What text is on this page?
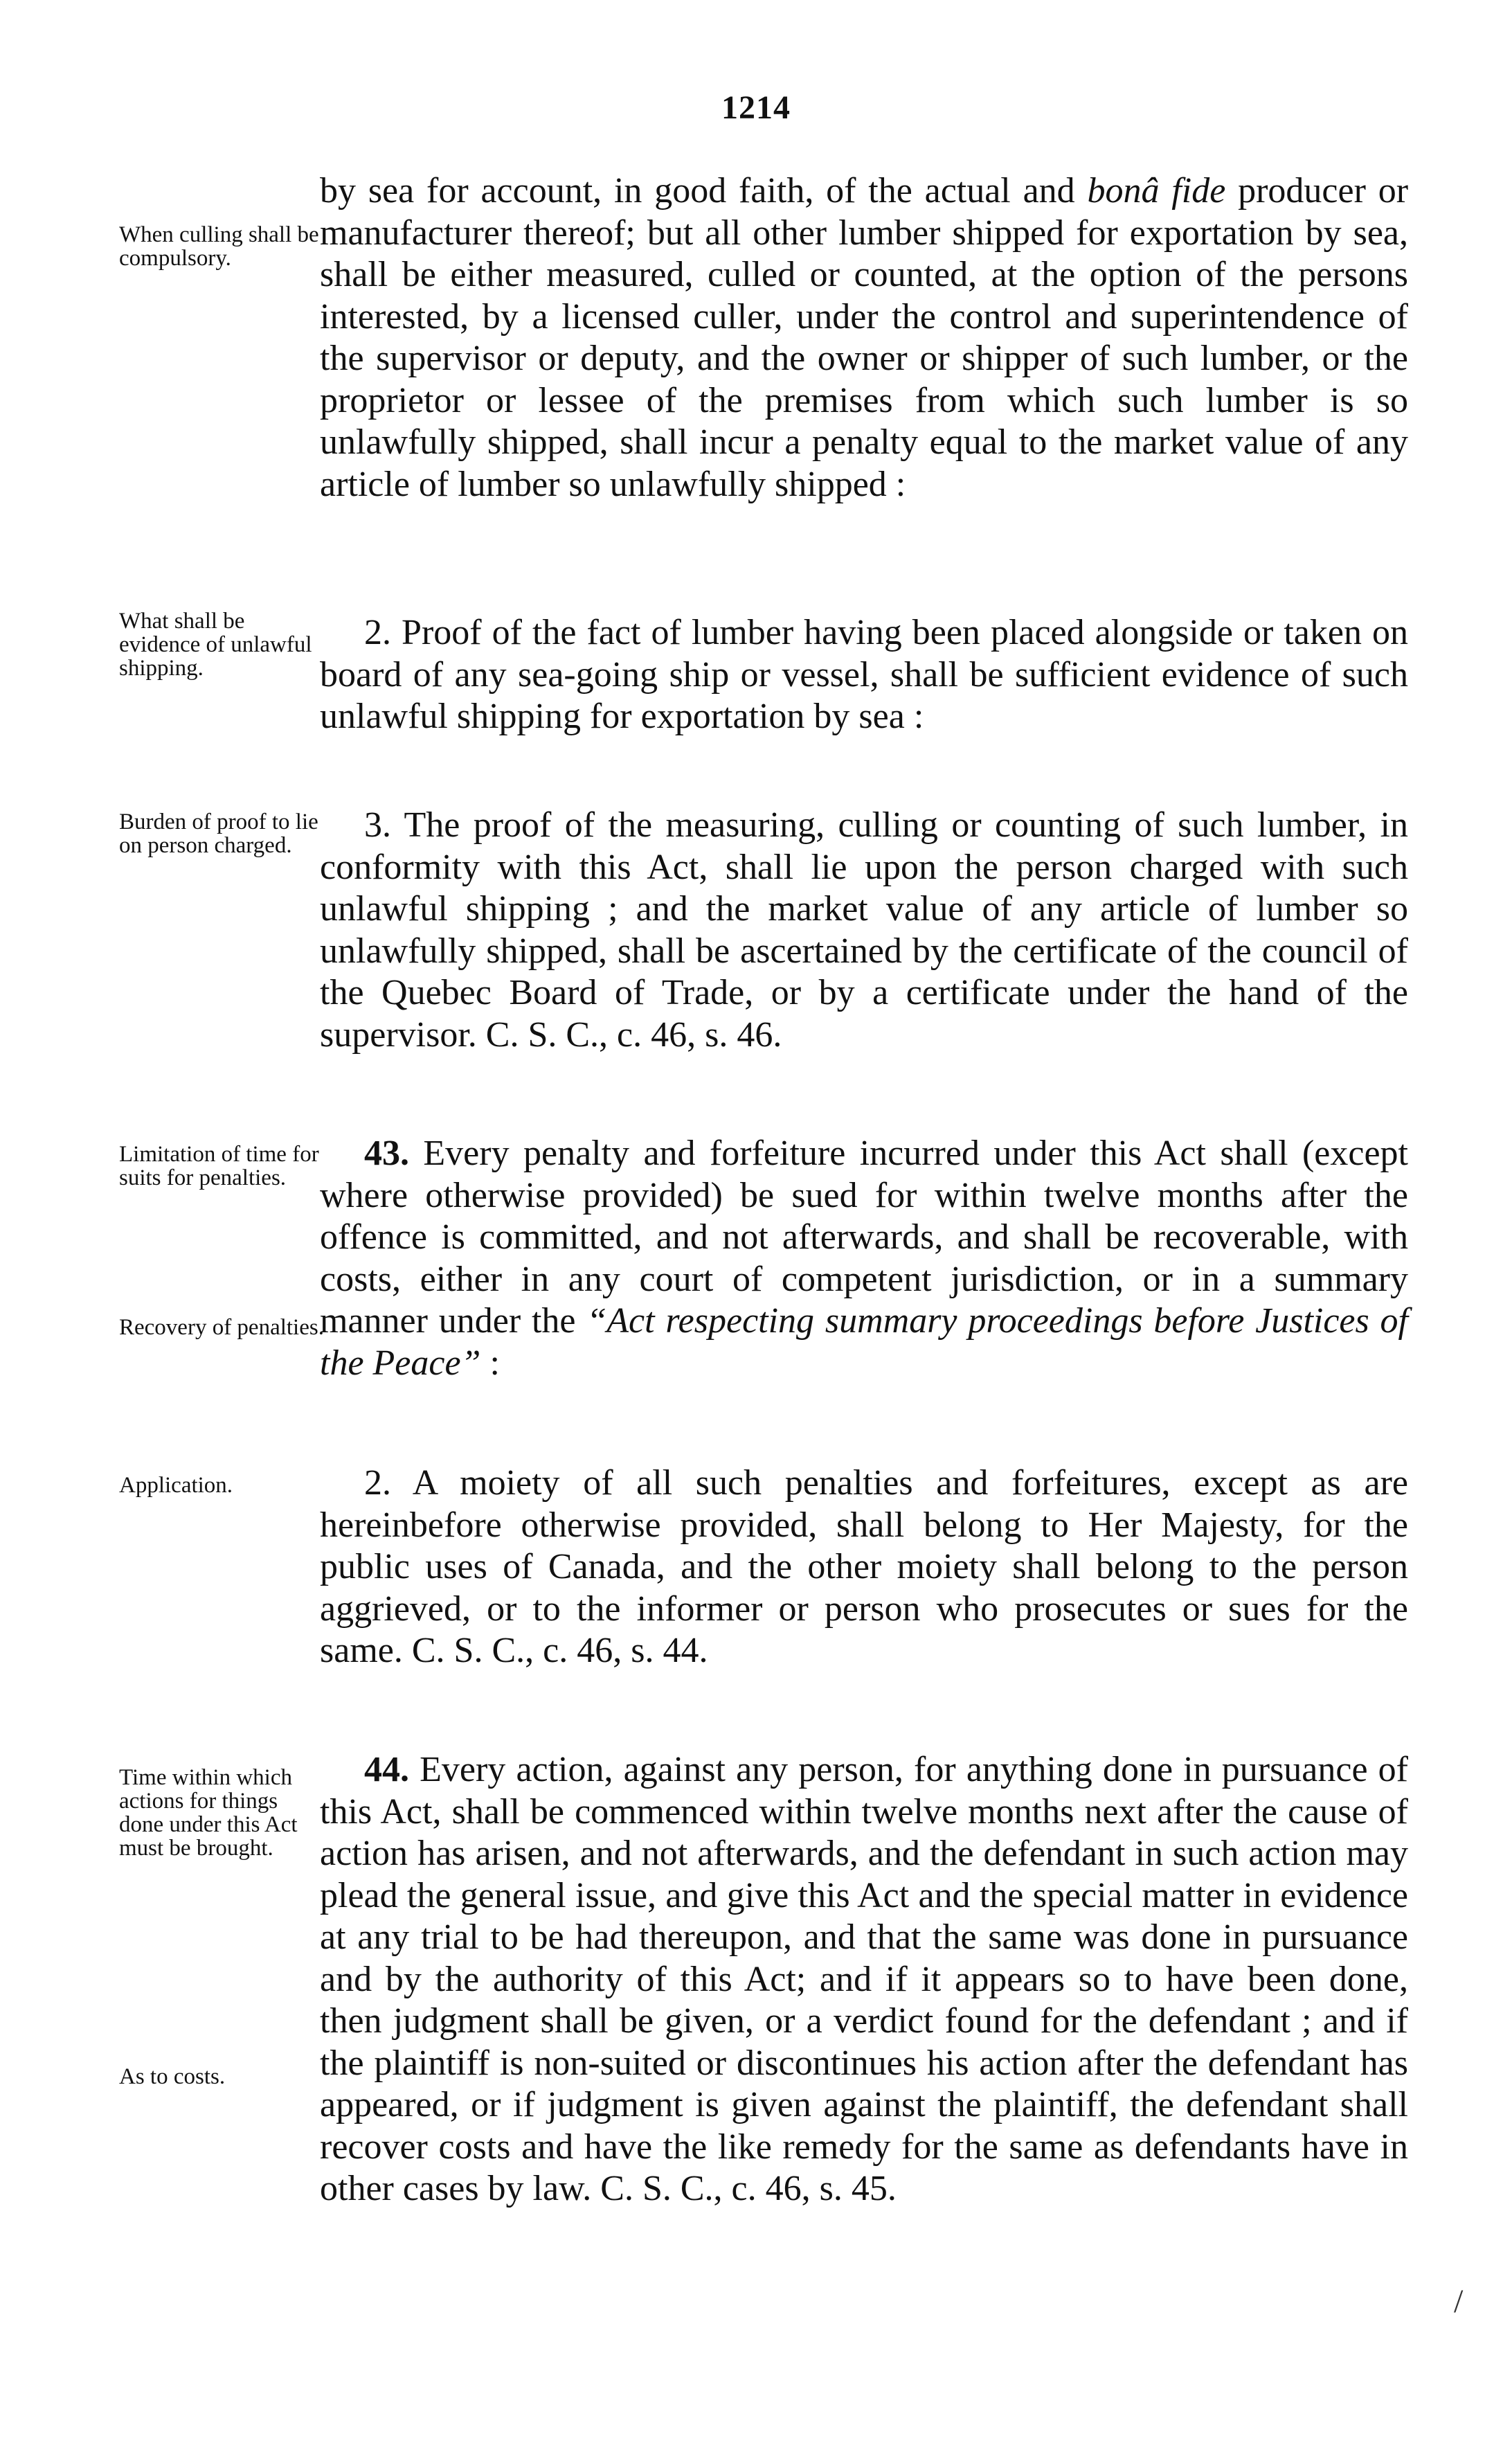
1214
When culling shall be compulsory.
What shall be evidence of unlawful shipping.
Burden of proof to lie on person charged.
Limitation of time for suits for penalties.
Recovery of penalties.
Application.
Time within which actions for things done under this Act must be brought.
As to costs.

by sea for account, in good faith, of the actual and bonâ fide producer or manufacturer thereof; but all other lumber shipped for exportation by sea, shall be either measured, culled or counted, at the option of the persons interested, by a licensed culler, under the control and superintendence of the supervisor or deputy, and the owner or shipper of such lumber, or the proprietor or lessee of the premises from which such lumber is so unlawfully shipped, shall incur a penalty equal to the market value of any article of lumber so unlawfully shipped :

2. Proof of the fact of lumber having been placed alongside or taken on board of any sea-going ship or vessel, shall be sufficient evidence of such unlawful shipping for exportation by sea :

3. The proof of the measuring, culling or counting of such lumber, in conformity with this Act, shall lie upon the person charged with such unlawful shipping ; and the market value of any article of lumber so unlawfully shipped, shall be ascertained by the certificate of the council of the Quebec Board of Trade, or by a certificate under the hand of the supervisor. C. S. C., c. 46, s. 46.

43. Every penalty and forfeiture incurred under this Act shall (except where otherwise provided) be sued for within twelve months after the offence is committed, and not afterwards, and shall be recoverable, with costs, either in any court of competent jurisdiction, or in a summary manner under the “Act respecting summary proceedings before Justices of the Peace” :

2. A moiety of all such penalties and forfeitures, except as are hereinbefore otherwise provided, shall belong to Her Majesty, for the public uses of Canada, and the other moiety shall belong to the person aggrieved, or to the informer or person who prosecutes or sues for the same. C. S. C., c. 46, s. 44.

44. Every action, against any person, for anything done in pursuance of this Act, shall be commenced within twelve months next after the cause of action has arisen, and not afterwards, and the defendant in such action may plead the general issue, and give this Act and the special matter in evidence at any trial to be had thereupon, and that the same was done in pursuance and by the authority of this Act; and if it appears so to have been done, then judgment shall be given, or a verdict found for the defendant ; and if the plaintiff is non-suited or discontinues his action after the defendant has appeared, or if judgment is given against the plaintiff, the defendant shall recover costs and have the like remedy for the same as defendants have in other cases by law. C. S. C., c. 46, s. 45.

/
